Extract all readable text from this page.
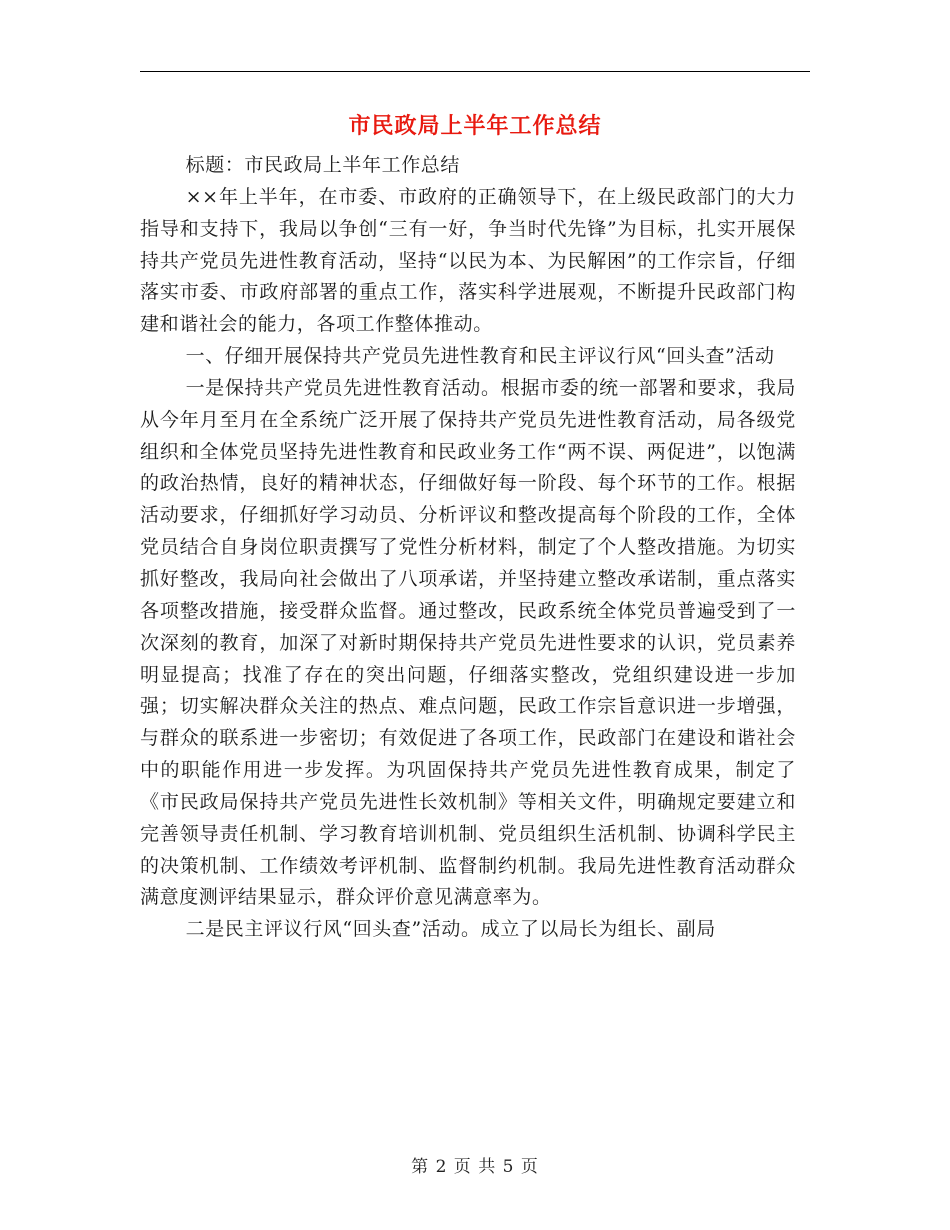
市民政局上半年工作总结

标题：市民政局上半年工作总结

××年上半年，在市委、市政府的正确领导下，在上级民政部门的大力指导和支持下，我局以争创“三有一好，争当时代先锋”为目标，扎实开展保持共产党员先进性教育活动，坚持“以民为本、为民解困”的工作宗旨，仔细落实市委、市政府部署的重点工作，落实科学进展观，不断提升民政部门构建和谐社会的能力，各项工作整体推动。

一、仔细开展保持共产党员先进性教育和民主评议行风“回头查”活动

一是保持共产党员先进性教育活动。根据市委的统一部署和要求，我局从今年月至月在全系统广泛开展了保持共产党员先进性教育活动，局各级党组织和全体党员坚持先进性教育和民政业务工作“两不误、两促进”，以饱满的政治热情，良好的精神状态，仔细做好每一阶段、每个环节的工作。根据活动要求，仔细抓好学习动员、分析评议和整改提高每个阶段的工作，全体党员结合自身岗位职责撰写了党性分析材料，制定了个人整改措施。为切实抓好整改，我局向社会做出了八项承诺，并坚持建立整改承诺制，重点落实各项整改措施，接受群众监督。通过整改，民政系统全体党员普遍受到了一次深刻的教育，加深了对新时期保持共产党员先进性要求的认识，党员素养明显提高；找准了存在的突出问题，仔细落实整改，党组织建设进一步加强；切实解决群众关注的热点、难点问题，民政工作宗旨意识进一步增强，与群众的联系进一步密切；有效促进了各项工作，民政部门在建设和谐社会中的职能作用进一步发挥。为巩固保持共产党员先进性教育成果，制定了《市民政局保持共产党员先进性长效机制》等相关文件，明确规定要建立和完善领导责任机制、学习教育培训机制、党员组织生活机制、协调科学民主的决策机制、工作绩效考评机制、监督制约机制。我局先进性教育活动群众满意度测评结果显示，群众评价意见满意率为。

二是民主评议行风“回头查”活动。成立了以局长为组长、副局

第 2 页 共 5 页
